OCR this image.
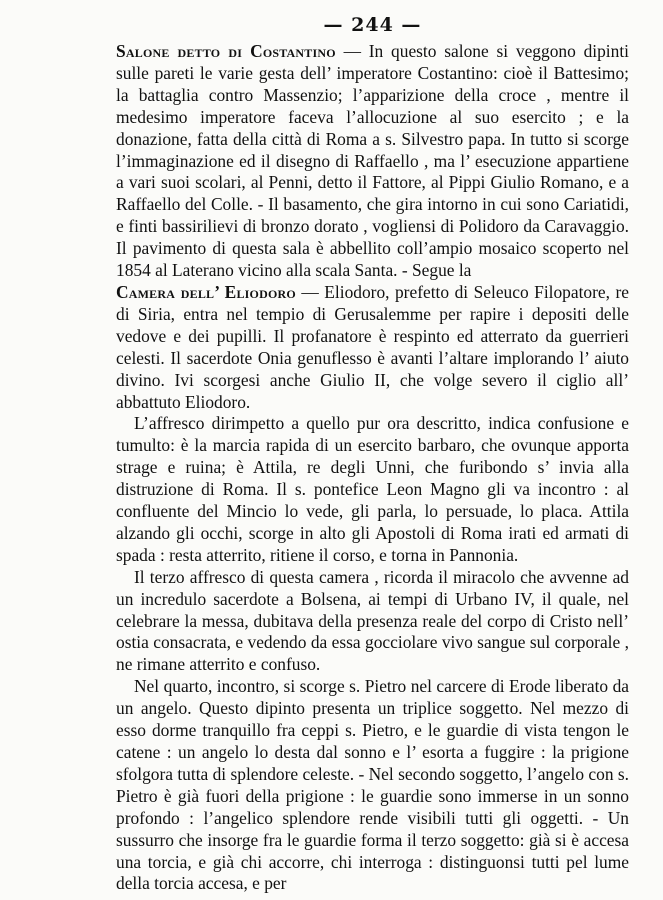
— 244 —

Salone detto di Costantino — In questo salone si veggono dipinti sulle pareti le varie gesta dell’ imperatore Costantino: cioè il Battesimo; la battaglia contro Massenzio; l’apparizione della croce , mentre il medesimo imperatore faceva l’allocuzione al suo esercito ; e la donazione, fatta della città di Roma a s. Silvestro papa. In tutto si scorge l’immaginazione ed il disegno di Raffaello , ma l’ esecuzione appartiene a vari suoi scolari, al Penni, detto il Fattore, al Pippi Giulio Romano, e a Raffaello del Colle. - Il basamento, che gira intorno in cui sono Cariatidi, e finti bassirilievi di bronzo dorato , vogliensi di Polidoro da Caravaggio. Il pavimento di questa sala è abbellito coll’ampio mosaico scoperto nel 1854 al Laterano vicino alla scala Santa. - Segue la

Camera dell’ Eliodoro — Eliodoro, prefetto di Seleuco Filopatore, re di Siria, entra nel tempio di Gerusalemme per rapire i depositi delle vedove e dei pupilli. Il profanatore è respinto ed atterrato da guerrieri celesti. Il sacerdote Onia genuflesso è avanti l’altare implorando l’ aiuto divino. Ivi scorgesi anche Giulio II, che volge severo il ciglio all’ abbattuto Eliodoro.

L’affresco dirimpetto a quello pur ora descritto, indica confusione e tumulto: è la marcia rapida di un esercito barbaro, che ovunque apporta strage e ruina; è Attila, re degli Unni, che furibondo s’ invia alla distruzione di Roma. Il s. pontefice Leon Magno gli va incontro : al confluente del Mincio lo vede, gli parla, lo persuade, lo placa. Attila alzando gli occhi, scorge in alto gli Apostoli di Roma irati ed armati di spada : resta atterrito, ritiene il corso, e torna in Pannonia.

Il terzo affresco di questa camera , ricorda il miracolo che avvenne ad un incredulo sacerdote a Bolsena, ai tempi di Urbano IV, il quale, nel celebrare la messa, dubitava della presenza reale del corpo di Cristo nell’ ostia consacrata, e vedendo da essa gocciolare vivo sangue sul corporale , ne rimane atterrito e confuso.

Nel quarto, incontro, si scorge s. Pietro nel carcere di Erode liberato da un angelo. Questo dipinto presenta un triplice soggetto. Nel mezzo di esso dorme tranquillo fra ceppi s. Pietro, e le guardie di vista tengon le catene : un angelo lo desta dal sonno e l’ esorta a fuggire : la prigione sfolgora tutta di splendore celeste. - Nel secondo soggetto, l’angelo con s. Pietro è già fuori della prigione : le guardie sono immerse in un sonno profondo : l’angelico splendore rende visibili tutti gli oggetti. - Un sussurro che insorge fra le guardie forma il terzo soggetto: già si è accesa una torcia, e già chi accorre, chi interroga : distinguonsi tutti pel lume della torcia accesa, e per
